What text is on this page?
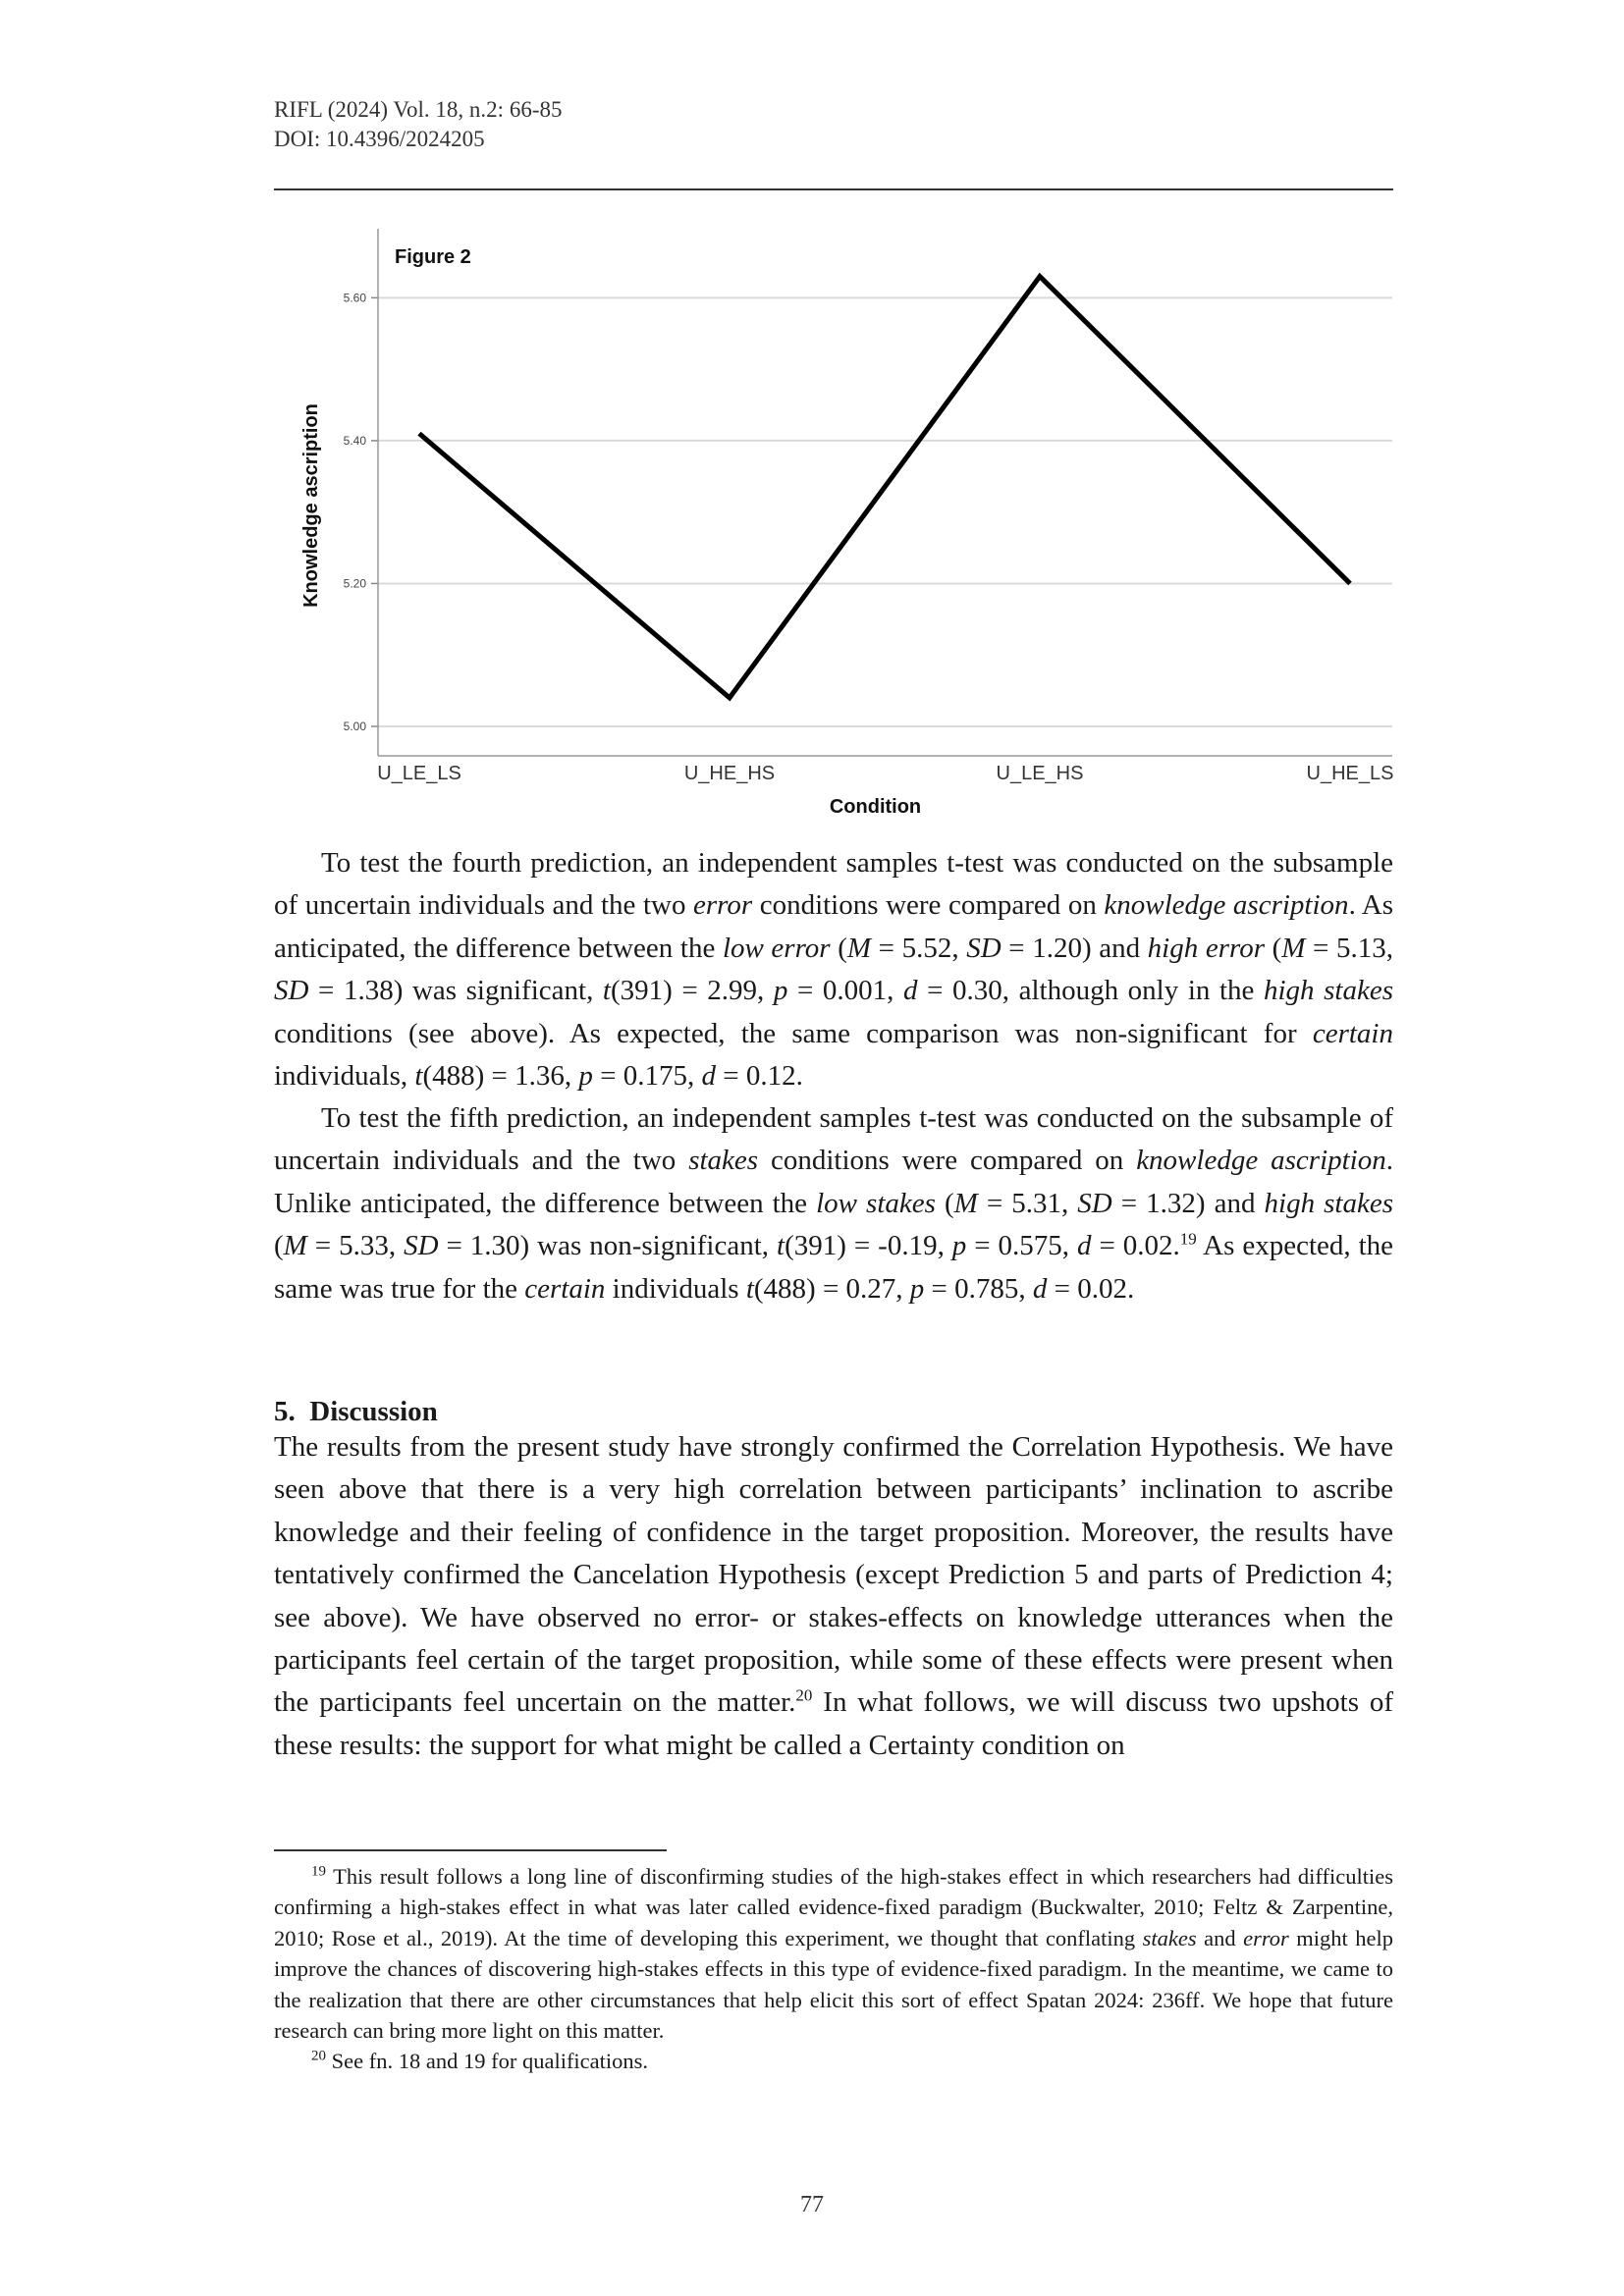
RIFL (2024) Vol. 18, n.2: 66-85
DOI: 10.4396/2024205
5.00
5.20
5.40
5.60
U_LE_LS	U_HE_HS	U_LE_HS	U_HE_LS
Figure 2
Condition
Knowledge ascription

To test the fourth prediction, an independent samples t-test was conducted on the subsample of uncertain individuals and the two error conditions were compared on knowledge ascription. As anticipated, the difference between the low error (M = 5.52, SD = 1.20) and high error (M = 5.13, SD = 1.38) was significant, t(391) = 2.99, p = 0.001, d = 0.30, although only in the high stakes conditions (see above). As expected, the same comparison was non-significant for certain individuals, t(488) = 1.36, p = 0.175, d = 0.12.

To test the fifth prediction, an independent samples t-test was conducted on the subsample of uncertain individuals and the two stakes conditions were compared on knowledge ascription. Unlike anticipated, the difference between the low stakes (M = 5.31, SD = 1.32) and high stakes (M = 5.33, SD = 1.30) was non-significant, t(391) = -0.19, p = 0.575, d = 0.02.19 As expected, the same was true for the certain individuals t(488) = 0.27, p = 0.785, d = 0.02.

5.  Discussion

The results from the present study have strongly confirmed the Correlation Hypothesis. We have seen above that there is a very high correlation between participants’ inclination to ascribe knowledge and their feeling of confidence in the target proposition. Moreover, the results have tentatively confirmed the Cancelation Hypothesis (except Prediction 5 and parts of Prediction 4; see above). We have observed no error- or stakes-effects on knowledge utterances when the participants feel certain of the target proposition, while some of these effects were present when the participants feel uncertain on the matter.$^{20}$ In what follows, we will discuss two upshots of these results: the support for what might be called a Certainty condition on

$^{19}$ This result follows a long line of disconfirming studies of the high-stakes effect in which researchers had difficulties confirming a high-stakes effect in what was later called evidence-fixed paradigm (Buckwalter, 2010; Feltz & Zarpentine, 2010; Rose et al., 2019). At the time of developing this experiment, we thought that conflating stakes and error might help improve the chances of discovering high-stakes effects in this type of evidence-fixed paradigm. In the meantime, we came to the realization that there are other circumstances that help elicit this sort of effect Spatan 2024: 236ff. We hope that future research can bring more light on this matter.

$^{20}$ See fn. 18 and 19 for qualifications.

77
